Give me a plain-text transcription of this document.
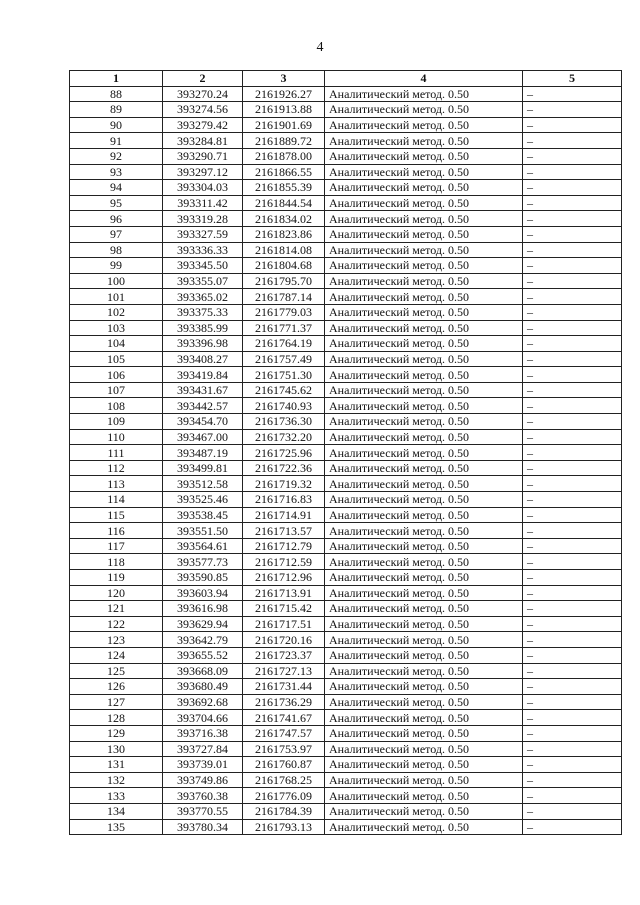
4
1	2	3	4	5
88	393270.24	2161926.27	Аналитический метод. 0.50	–
89	393274.56	2161913.88	Аналитический метод. 0.50	–
90	393279.42	2161901.69	Аналитический метод. 0.50	–
91	393284.81	2161889.72	Аналитический метод. 0.50	–
92	393290.71	2161878.00	Аналитический метод. 0.50	–
93	393297.12	2161866.55	Аналитический метод. 0.50	–
94	393304.03	2161855.39	Аналитический метод. 0.50	–
95	393311.42	2161844.54	Аналитический метод. 0.50	–
96	393319.28	2161834.02	Аналитический метод. 0.50	–
97	393327.59	2161823.86	Аналитический метод. 0.50	–
98	393336.33	2161814.08	Аналитический метод. 0.50	–
99	393345.50	2161804.68	Аналитический метод. 0.50	–
100	393355.07	2161795.70	Аналитический метод. 0.50	–
101	393365.02	2161787.14	Аналитический метод. 0.50	–
102	393375.33	2161779.03	Аналитический метод. 0.50	–
103	393385.99	2161771.37	Аналитический метод. 0.50	–
104	393396.98	2161764.19	Аналитический метод. 0.50	–
105	393408.27	2161757.49	Аналитический метод. 0.50	–
106	393419.84	2161751.30	Аналитический метод. 0.50	–
107	393431.67	2161745.62	Аналитический метод. 0.50	–
108	393442.57	2161740.93	Аналитический метод. 0.50	–
109	393454.70	2161736.30	Аналитический метод. 0.50	–
110	393467.00	2161732.20	Аналитический метод. 0.50	–
111	393487.19	2161725.96	Аналитический метод. 0.50	–
112	393499.81	2161722.36	Аналитический метод. 0.50	–
113	393512.58	2161719.32	Аналитический метод. 0.50	–
114	393525.46	2161716.83	Аналитический метод. 0.50	–
115	393538.45	2161714.91	Аналитический метод. 0.50	–
116	393551.50	2161713.57	Аналитический метод. 0.50	–
117	393564.61	2161712.79	Аналитический метод. 0.50	–
118	393577.73	2161712.59	Аналитический метод. 0.50	–
119	393590.85	2161712.96	Аналитический метод. 0.50	–
120	393603.94	2161713.91	Аналитический метод. 0.50	–
121	393616.98	2161715.42	Аналитический метод. 0.50	–
122	393629.94	2161717.51	Аналитический метод. 0.50	–
123	393642.79	2161720.16	Аналитический метод. 0.50	–
124	393655.52	2161723.37	Аналитический метод. 0.50	–
125	393668.09	2161727.13	Аналитический метод. 0.50	–
126	393680.49	2161731.44	Аналитический метод. 0.50	–
127	393692.68	2161736.29	Аналитический метод. 0.50	–
128	393704.66	2161741.67	Аналитический метод. 0.50	–
129	393716.38	2161747.57	Аналитический метод. 0.50	–
130	393727.84	2161753.97	Аналитический метод. 0.50	–
131	393739.01	2161760.87	Аналитический метод. 0.50	–
132	393749.86	2161768.25	Аналитический метод. 0.50	–
133	393760.38	2161776.09	Аналитический метод. 0.50	–
134	393770.55	2161784.39	Аналитический метод. 0.50	–
135	393780.34	2161793.13	Аналитический метод. 0.50	–
